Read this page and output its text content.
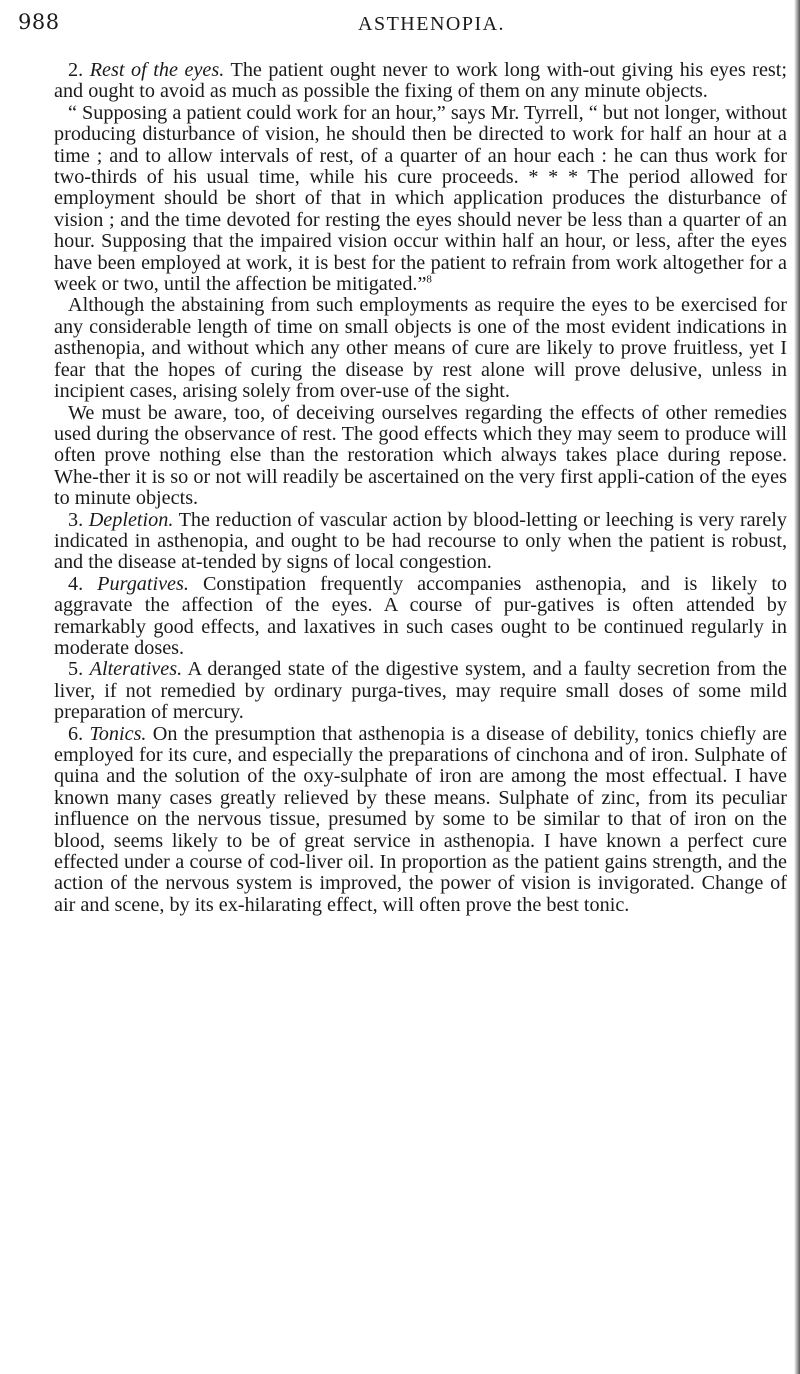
988	ASTHENOPIA.

2. Rest of the eyes. The patient ought never to work long with-out giving his eyes rest; and ought to avoid as much as possible the fixing of them on any minute objects.

“ Supposing a patient could work for an hour,” says Mr. Tyrrell, “ but not longer, without producing disturbance of vision, he should then be directed to work for half an hour at a time ; and to allow intervals of rest, of a quarter of an hour each : he can thus work for two-thirds of his usual time, while his cure proceeds. * * * The period allowed for employment should be short of that in which application produces the disturbance of vision ; and the time devoted for resting the eyes should never be less than a quarter of an hour. Supposing that the impaired vision occur within half an hour, or less, after the eyes have been employed at work, it is best for the patient to refrain from work altogether for a week or two, until the affection be mitigated.”$^8$

Although the abstaining from such employments as require the eyes to be exercised for any considerable length of time on small objects is one of the most evident indications in asthenopia, and without which any other means of cure are likely to prove fruitless, yet I fear that the hopes of curing the disease by rest alone will prove delusive, unless in incipient cases, arising solely from over-use of the sight.

We must be aware, too, of deceiving ourselves regarding the effects of other remedies used during the observance of rest. The good effects which they may seem to produce will often prove nothing else than the restoration which always takes place during repose. Whe-ther it is so or not will readily be ascertained on the very first appli-cation of the eyes to minute objects.

3. Depletion. The reduction of vascular action by blood-letting or leeching is very rarely indicated in asthenopia, and ought to be had recourse to only when the patient is robust, and the disease at-tended by signs of local congestion.

4. Purgatives. Constipation frequently accompanies asthenopia, and is likely to aggravate the affection of the eyes. A course of pur-gatives is often attended by remarkably good effects, and laxatives in such cases ought to be continued regularly in moderate doses.

5. Alteratives. A deranged state of the digestive system, and a faulty secretion from the liver, if not remedied by ordinary purga-tives, may require small doses of some mild preparation of mercury.

6. Tonics. On the presumption that asthenopia is a disease of debility, tonics chiefly are employed for its cure, and especially the preparations of cinchona and of iron. Sulphate of quina and the solution of the oxy-sulphate of iron are among the most effectual. I have known many cases greatly relieved by these means. Sulphate of zinc, from its peculiar influence on the nervous tissue, presumed by some to be similar to that of iron on the blood, seems likely to be of great service in asthenopia. I have known a perfect cure effected under a course of cod-liver oil. In proportion as the patient gains strength, and the action of the nervous system is improved, the power of vision is invigorated. Change of air and scene, by its ex-hilarating effect, will often prove the best tonic.
